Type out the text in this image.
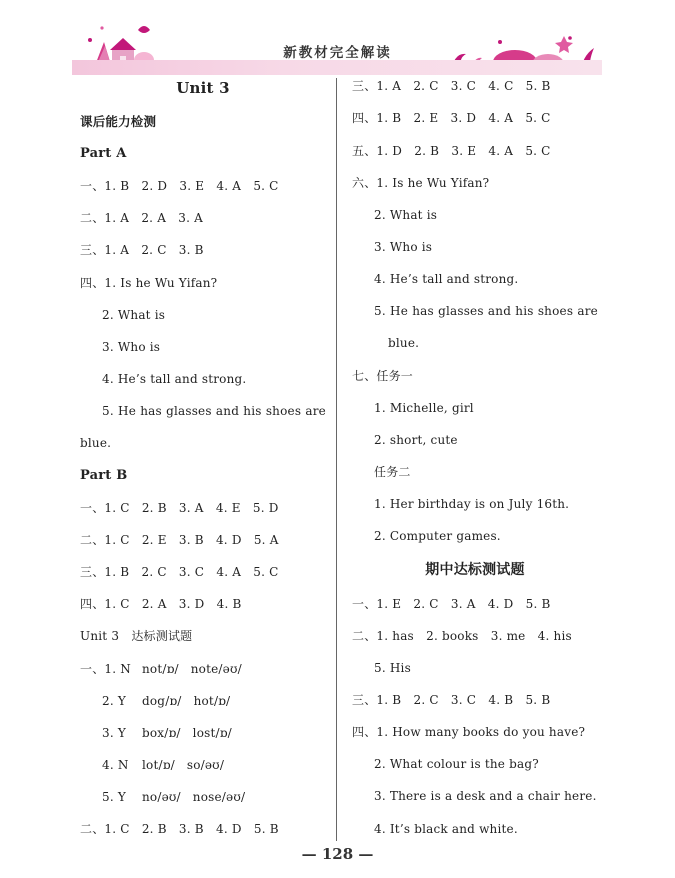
新教材完全解读
Unit 3
课后能力检测
Part A
一、1. B　2. D　3. E　4. A　5. C
二、1. A　2. A　3. A
三、1. A　2. C　3. B
四、1. Is he Wu Yifan?
2. What is
3. Who is
4. He’s tall and strong.
5. He has glasses and his shoes are
blue.
Part B
一、1. C　2. B　3. A　4. E　5. D
二、1. C　2. E　3. B　4. D　5. A
三、1. B　2. C　3. C　4. A　5. C
四、1. C　2. A　3. D　4. B
Unit 3　达标测试题
一、1. N not/ɒ/ note/əʊ/
2. Y dog/ɒ/ hot/ɒ/
3. Y box/ɒ/ lost/ɒ/
4. N lot/ɒ/ so/əʊ/
5. Y no/əʊ/ nose/əʊ/
二、1. C　2. B　3. B　4. D　5. B
三、1. A　2. C　3. C　4. C　5. B
四、1. B　2. E　3. D　4. A　5. C
五、1. D　2. B　3. E　4. A　5. C
六、1. Is he Wu Yifan?
2. What is
3. Who is
4. He’s tall and strong.
5. He has glasses and his shoes are
blue.
七、任务一
1. Michelle, girl
2. short, cute
任务二
1. Her birthday is on July 16th.
2. Computer games.
期中达标测试题
一、1. E　2. C　3. A　4. D　5. B
二、1. has　2. books　3. me　4. his
5. His
三、1. B　2. C　3. C　4. B　5. B
四、1. How many books do you have?
2. What colour is the bag?
3. There is a desk and a chair here.
4. It’s black and white.
— 128 —
